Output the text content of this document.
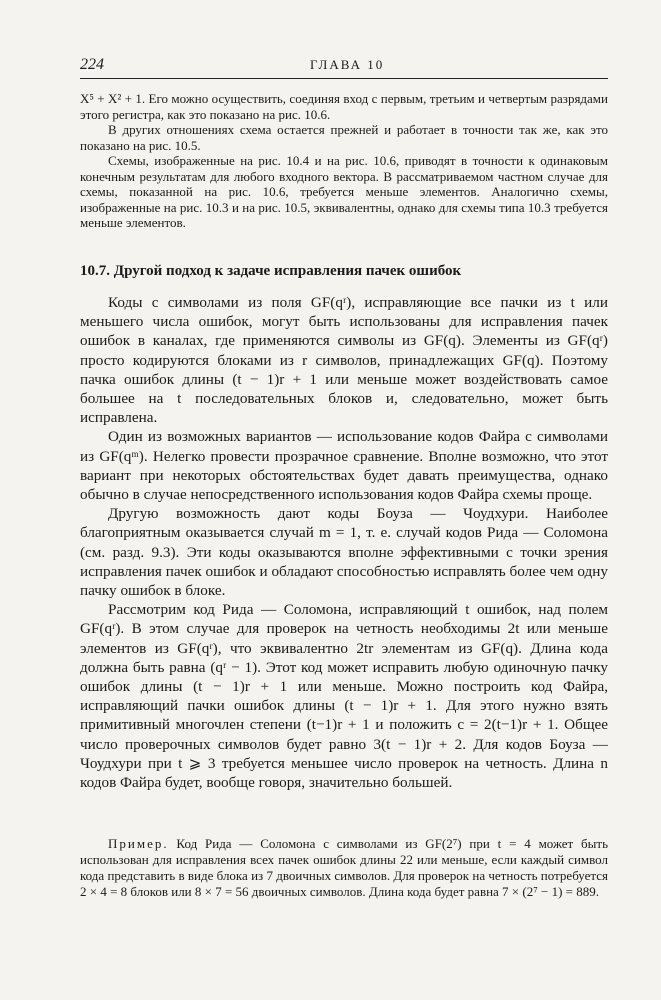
224	ГЛАВА 10

X⁵ + X² + 1. Его можно осуществить, соединяя вход с первым, третьим и четвертым разрядами этого регистра, как это показано на рис. 10.6.

В других отношениях схема остается прежней и работает в точности так же, как это показано на рис. 10.5.

Схемы, изображенные на рис. 10.4 и на рис. 10.6, приводят в точности к одинаковым конечным результатам для любого входного вектора. В рассматриваемом частном случае для схемы, показанной на рис. 10.6, требуется меньше элементов. Аналогично схемы, изображенные на рис. 10.3 и на рис. 10.5, эквивалентны, однако для схемы типа 10.3 требуется меньше элементов.

10.7. Другой подход к задаче исправления пачек ошибок

Коды с символами из поля GF(qʳ), исправляющие все пачки из t или меньшего числа ошибок, могут быть использованы для исправления пачек ошибок в каналах, где применяются символы из GF(q). Элементы из GF(qʳ) просто кодируются блоками из r символов, принадлежащих GF(q). Поэтому пачка ошибок длины (t − 1)r + 1 или меньше может воздействовать самое большее на t последовательных блоков и, следовательно, может быть исправлена.

Один из возможных вариантов — использование кодов Файра с символами из GF(qᵐ). Нелегко провести прозрачное сравнение. Вполне возможно, что этот вариант при некоторых обстоятельствах будет давать преимущества, однако обычно в случае непосредственного использования кодов Файра схемы проще.

Другую возможность дают коды Боуза — Чоудхури. Наиболее благоприятным оказывается случай m = 1, т. е. случай кодов Рида — Соломона (см. разд. 9.3). Эти коды оказываются вполне эффективными с точки зрения исправления пачек ошибок и обладают способностью исправлять более чем одну пачку ошибок в блоке.

Рассмотрим код Рида — Соломона, исправляющий t ошибок, над полем GF(qʳ). В этом случае для проверок на четность необходимы 2t или меньше элементов из GF(qʳ), что эквивалентно 2tr элементам из GF(q). Длина кода должна быть равна (qʳ − 1). Этот код может исправить любую одиночную пачку ошибок длины (t − 1)r + 1 или меньше. Можно построить код Файра, исправляющий пачки ошибок длины (t − 1)r + 1. Для этого нужно взять примитивный многочлен степени (t−1)r + 1 и положить c = 2(t−1)r + 1. Общее число проверочных символов будет равно 3(t − 1)r + 2. Для кодов Боуза — Чоудхури при t ⩾ 3 требуется меньшее число проверок на четность. Длина n кодов Файра будет, вообще говоря, значительно большей.

Пример. Код Рида — Соломона с символами из GF(2⁷) при t = 4 может быть использован для исправления всех пачек ошибок длины 22 или меньше, если каждый символ кода представить в виде блока из 7 двоичных символов. Для проверок на четность потребуется 2 × 4 = 8 блоков или 8 × 7 = 56 двоичных символов. Длина кода будет равна 7 × (2⁷ − 1) = 889.
